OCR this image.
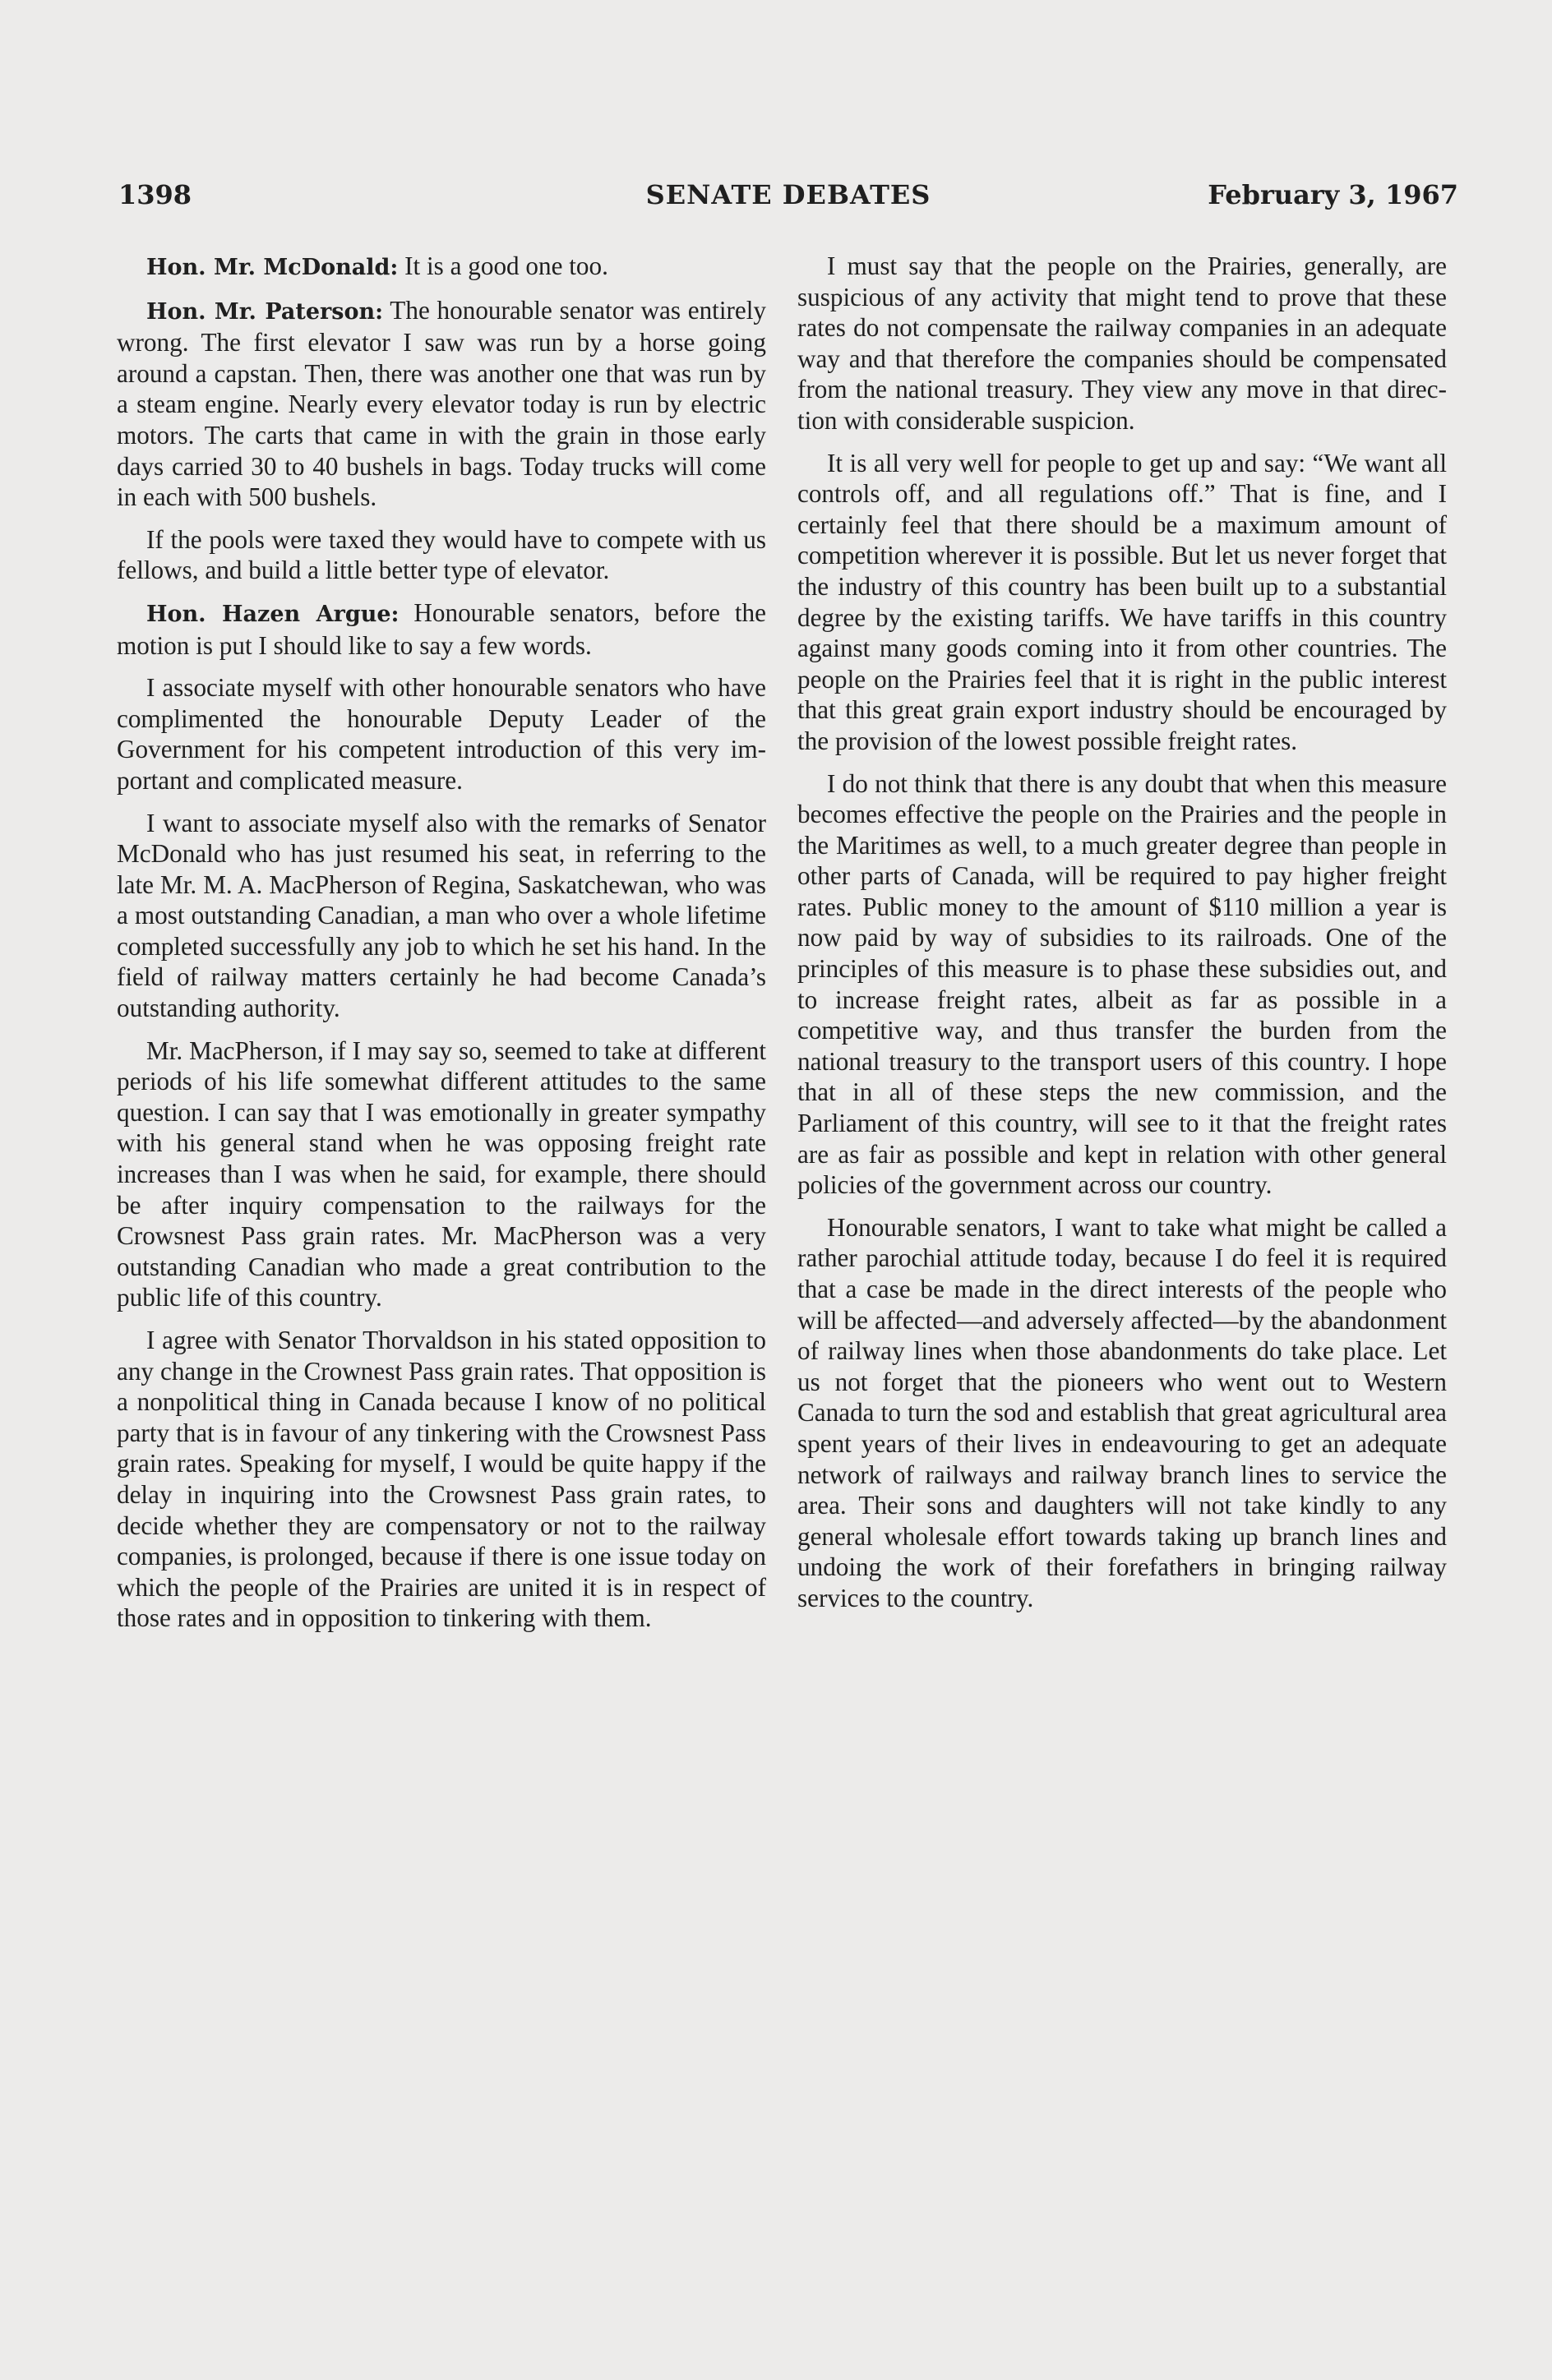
1398	SENATE DEBATES	February 3, 1967

Hon. Mr. McDonald: It is a good one too.

Hon. Mr. Paterson: The honourable senator was entirely wrong. The first elevator I saw was run by a horse going around a capstan. Then, there was another one that was run by a steam engine. Nearly every elevator today is run by electric motors. The carts that came in with the grain in those early days carried 30 to 40 bushels in bags. Today trucks will come in each with 500 bushels.

If the pools were taxed they would have to compete with us fellows, and build a little better type of elevator.

Hon. Hazen Argue: Honourable senators, before the motion is put I should like to say a few words.

I associate myself with other honourable senators who have complimented the honourable Deputy Leader of the Government for his competent introduction of this very important and complicated measure.

I want to associate myself also with the remarks of Senator McDonald who has just resumed his seat, in referring to the late Mr. M. A. MacPherson of Regina, Saskatchewan, who was a most outstanding Canadian, a man who over a whole lifetime completed successfully any job to which he set his hand. In the field of railway matters certainly he had become Canada’s outstanding authority.

Mr. MacPherson, if I may say so, seemed to take at different periods of his life somewhat different attitudes to the same question. I can say that I was emotionally in greater sympathy with his general stand when he was opposing freight rate increases than I was when he said, for example, there should be after inquiry compensation to the railways for the Crowsnest Pass grain rates. Mr. MacPherson was a very outstanding Canadian who made a great contribution to the public life of this country.

I agree with Senator Thorvaldson in his stated opposition to any change in the Crownest Pass grain rates. That opposition is a nonpolitical thing in Canada because I know of no political party that is in favour of any tinkering with the Crowsnest Pass grain rates. Speaking for myself, I would be quite happy if the delay in inquiring into the Crowsnest Pass grain rates, to decide whether they are compensatory or not to the railway companies, is prolonged, because if there is one issue today on which the people of the Prairies are united it is in respect of those rates and in opposition to tinkering with them.

I must say that the people on the Prairies, generally, are suspicious of any activity that might tend to prove that these rates do not compensate the railway companies in an adequate way and that therefore the companies should be compensated from the national treasury. They view any move in that direction with considerable suspicion.

It is all very well for people to get up and say: “We want all controls off, and all regulations off.” That is fine, and I certainly feel that there should be a maximum amount of competition wherever it is possible. But let us never forget that the industry of this country has been built up to a substantial degree by the existing tariffs. We have tariffs in this country against many goods coming into it from other countries. The people on the Prairies feel that it is right in the public interest that this great grain export industry should be encouraged by the provision of the lowest possible freight rates.

I do not think that there is any doubt that when this measure becomes effective the people on the Prairies and the people in the Maritimes as well, to a much greater degree than people in other parts of Canada, will be required to pay higher freight rates. Public money to the amount of $110 million a year is now paid by way of subsidies to its railroads. One of the principles of this measure is to phase these subsidies out, and to increase freight rates, albeit as far as possible in a competitive way, and thus transfer the burden from the national treasury to the transport users of this country. I hope that in all of these steps the new commission, and the Parliament of this country, will see to it that the freight rates are as fair as possible and kept in relation with other general policies of the government across our country.

Honourable senators, I want to take what might be called a rather parochial attitude today, because I do feel it is required that a case be made in the direct interests of the people who will be affected—and adversely affected—by the abandonment of railway lines when those abandonments do take place. Let us not forget that the pioneers who went out to Western Canada to turn the sod and establish that great agricultural area spent years of their lives in endeavouring to get an adequate network of railways and railway branch lines to service the area. Their sons and daughters will not take kindly to any general wholesale effort towards taking up branch lines and undoing the work of their forefathers in bringing railway services to the country.
